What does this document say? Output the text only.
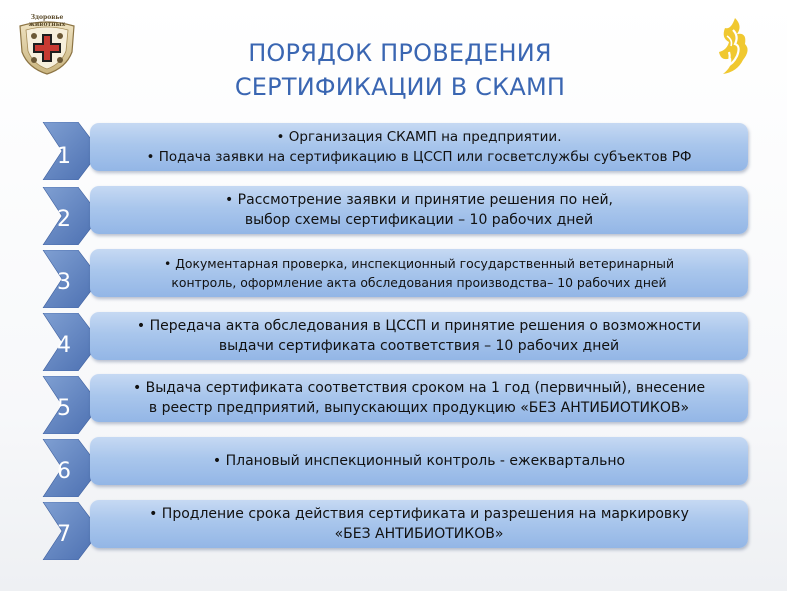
Здоровье животных
ПОРЯДОК ПРОВЕДЕНИЯ
СЕРТИФИКАЦИИ В СКАМП
1
• Организация СКАМП на предприятии.
• Подача заявки на сертификацию в ЦССП или госветслужбы субъектов РФ
2
• Рассмотрение заявки и принятие решения по ней,
выбор схемы сертификации – 10 рабочих дней
3
• Документарная проверка, инспекционный государственный ветеринарный
контроль, оформление акта обследования производства– 10 рабочих дней
4
• Передача акта обследования в ЦССП и принятие решения о возможности
выдачи сертификата соответствия – 10 рабочих дней
5
• Выдача сертификата соответствия сроком на 1 год (первичный), внесение
в реестр предприятий, выпускающих продукцию «БЕЗ АНТИБИОТИКОВ»
6	• Плановый инспекционный контроль - ежеквартально
7
• Продление срока действия сертификата и разрешения на маркировку
«БЕЗ АНТИБИОТИКОВ»
